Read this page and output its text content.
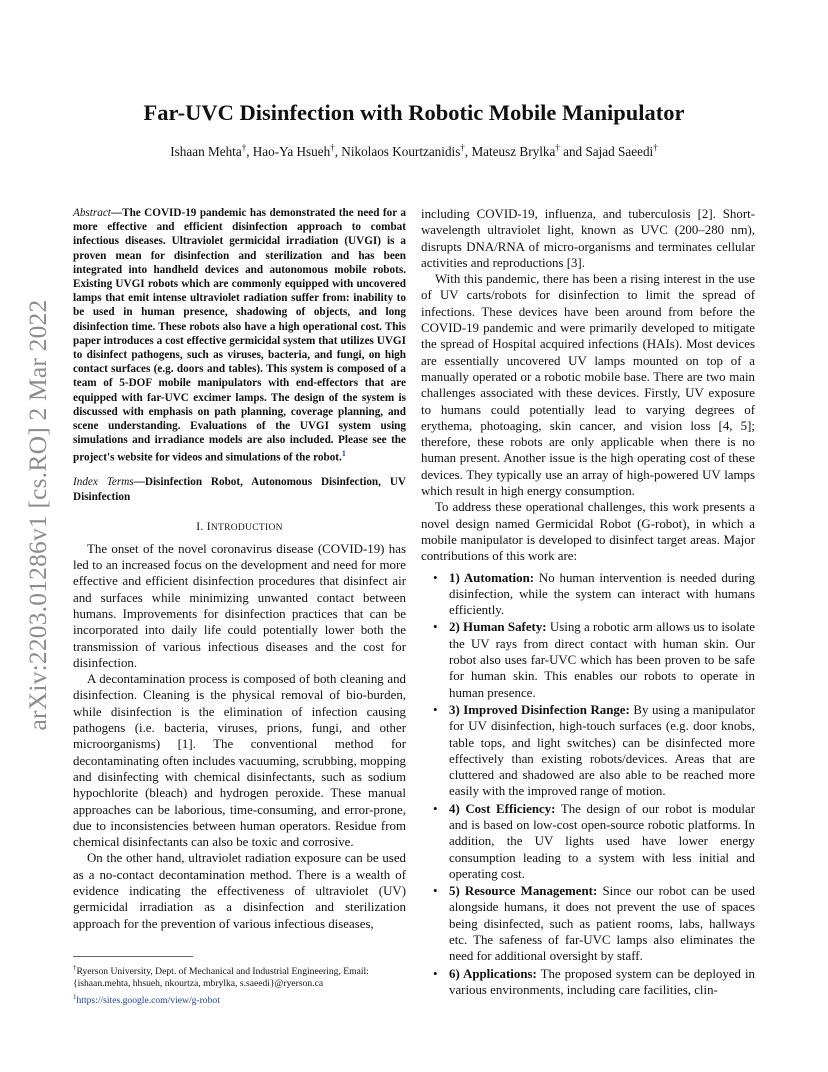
arXiv:2203.01286v1 [cs.RO] 2 Mar 2022
Far-UVC Disinfection with Robotic Mobile Manipulator
Ishaan Mehta†, Hao-Ya Hsueh†, Nikolaos Kourtzanidis†, Mateusz Brylka† and Sajad Saeedi†

Abstract—The COVID-19 pandemic has demonstrated the need for a more effective and efficient disinfection approach to combat infectious diseases. Ultraviolet germicidal irradiation (UVGI) is a proven mean for disinfection and sterilization and has been integrated into handheld devices and autonomous mobile robots. Existing UVGI robots which are commonly equipped with uncovered lamps that emit intense ultraviolet radiation suffer from: inability to be used in human presence, shadowing of objects, and long disinfection time. These robots also have a high operational cost. This paper introduces a cost effective germicidal system that utilizes UVGI to disinfect pathogens, such as viruses, bacteria, and fungi, on high contact surfaces (e.g. doors and tables). This system is composed of a team of 5-DOF mobile manipulators with end-effectors that are equipped with far-UVC excimer lamps. The design of the system is discussed with emphasis on path planning, coverage planning, and scene understanding. Evaluations of the UVGI system using simulations and irradiance models are also included. Please see the project's website for videos and simulations of the robot.$^1$

Index Terms—Disinfection Robot, Autonomous Disinfection, UV Disinfection

I. INTRODUCTION

The onset of the novel coronavirus disease (COVID-19) has led to an increased focus on the development and need for more effective and efficient disinfection procedures that disinfect air and surfaces while minimizing unwanted contact between humans. Improvements for disinfection practices that can be incorporated into daily life could potentially lower both the transmission of various infectious diseases and the cost for disinfection.

A decontamination process is composed of both cleaning and disinfection. Cleaning is the physical removal of bio-burden, while disinfection is the elimination of infection causing pathogens (i.e. bacteria, viruses, prions, fungi, and other microorganisms) [1]. The conventional method for decontaminating often includes vacuuming, scrubbing, mopping and disinfecting with chemical disinfectants, such as sodium hypochlorite (bleach) and hydrogen peroxide. These manual approaches can be laborious, time-consuming, and error-prone, due to inconsistencies between human operators. Residue from chemical disinfectants can also be toxic and corrosive.

On the other hand, ultraviolet radiation exposure can be used as a no-contact decontamination method. There is a wealth of evidence indicating the effectiveness of ultraviolet (UV) germicidal irradiation as a disinfection and sterilization approach for the prevention of various infectious diseases,

including COVID-19, influenza, and tuberculosis [2]. Short-wavelength ultraviolet light, known as UVC (200–280 nm), disrupts DNA/RNA of micro-organisms and terminates cellular activities and reproductions [3].

With this pandemic, there has been a rising interest in the use of UV carts/robots for disinfection to limit the spread of infections. These devices have been around from before the COVID-19 pandemic and were primarily developed to mitigate the spread of Hospital acquired infections (HAIs). Most devices are essentially uncovered UV lamps mounted on top of a manually operated or a robotic mobile base. There are two main challenges associated with these devices. Firstly, UV exposure to humans could potentially lead to varying degrees of erythema, photoaging, skin cancer, and vision loss [4, 5]; therefore, these robots are only applicable when there is no human present. Another issue is the high operating cost of these devices. They typically use an array of high-powered UV lamps which result in high energy consumption.

To address these operational challenges, this work presents a novel design named Germicidal Robot (G-robot), in which a mobile manipulator is developed to disinfect target areas. Major contributions of this work are:

• 1) Automation: No human intervention is needed during disinfection, while the system can interact with humans efficiently.
• 2) Human Safety: Using a robotic arm allows us to isolate the UV rays from direct contact with human skin. Our robot also uses far-UVC which has been proven to be safe for human skin. This enables our robots to operate in human presence.
• 3) Improved Disinfection Range: By using a manipulator for UV disinfection, high-touch surfaces (e.g. door knobs, table tops, and light switches) can be disinfected more effectively than existing robots/devices. Areas that are cluttered and shadowed are also able to be reached more easily with the improved range of motion.
• 4) Cost Efficiency: The design of our robot is modular and is based on low-cost open-source robotic platforms. In addition, the UV lights used have lower energy consumption leading to a system with less initial and operating cost.
• 5) Resource Management: Since our robot can be used alongside humans, it does not prevent the use of spaces being disinfected, such as patient rooms, labs, hallways etc. The safeness of far-UVC lamps also eliminates the need for additional oversight by staff.
• 6) Applications: The proposed system can be deployed in various environments, including care facilities, clin-
†Ryerson University, Dept. of Mechanical and Industrial Engineering, Email: {ishaan.mehta, hhsueh, nkourtza, mbrylka, s.saeedi}@ryerson.ca
$^1$https://sites.google.com/view/g-robot
